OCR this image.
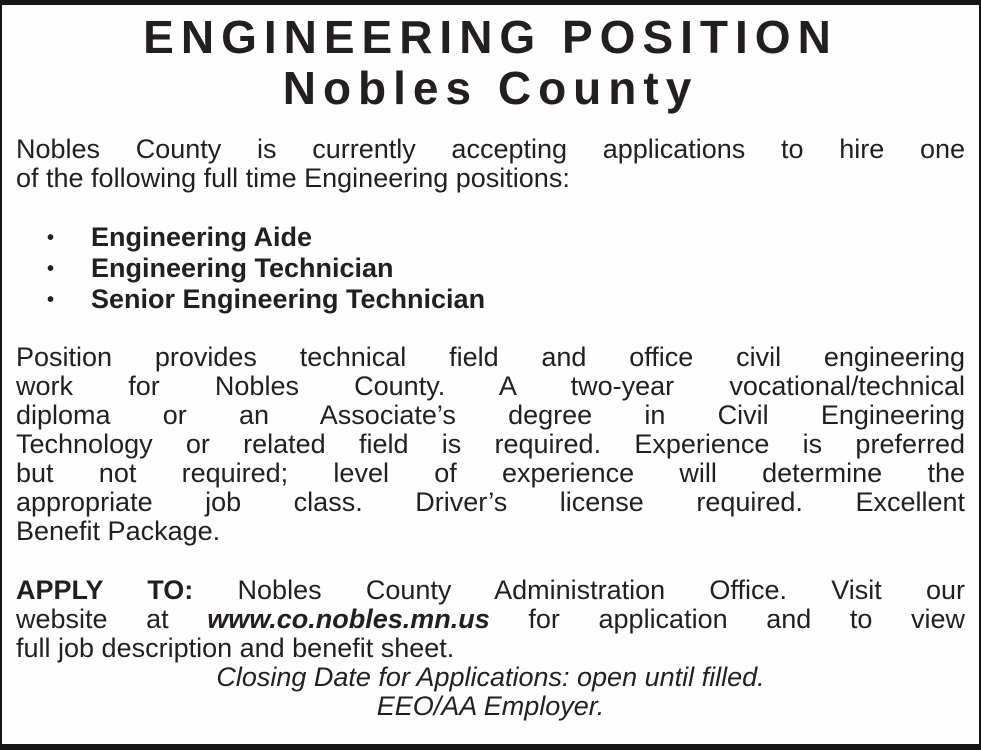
ENGINEERING POSITION
Nobles County
Nobles County is currently accepting applications to hire one
of the following full time Engineering positions:
• Engineering Aide
• Engineering Technician
• Senior Engineering Technician
Position provides technical field and office civil engineering
work for Nobles County. A two-year vocational/technical
diploma or an Associate’s degree in Civil Engineering
Technology or related field is required. Experience is preferred
but not required; level of experience will determine the
appropriate job class. Driver’s license required. Excellent
Benefit Package.
APPLY TO: Nobles County Administration Office. Visit our
website at www.co.nobles.mn.us for application and to view
full job description and benefit sheet.
Closing Date for Applications: open until filled.
EEO/AA Employer.
